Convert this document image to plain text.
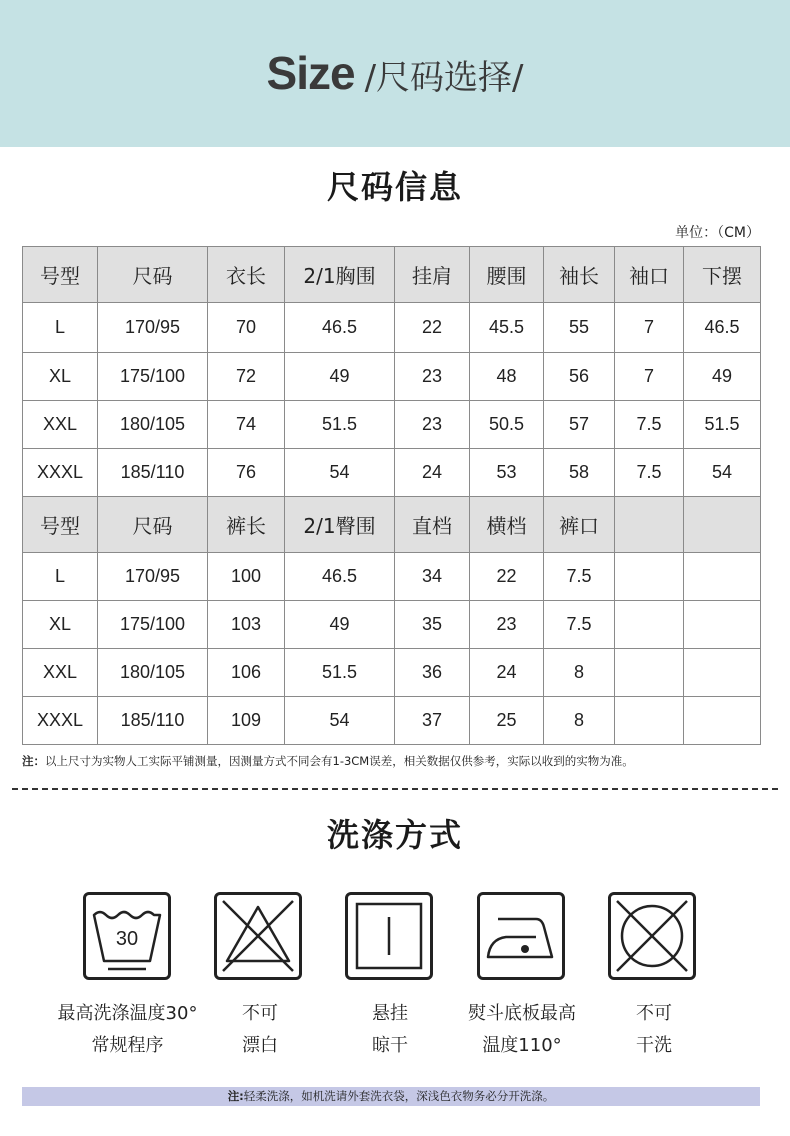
Size /尺码选择/
尺码信息
单位：（CM）
号型	尺码	衣长	2/1胸围	挂肩	腰围	袖长	袖口	下摆
L	170/95	70	46.5	22	45.5	55	7	46.5
XL	175/100	72	49	23	48	56	7	49
XXL	180/105	74	51.5	23	50.5	57	7.5	51.5
XXXL	185/110	76	54	24	53	58	7.5	54
号型	尺码	裤长	2/1臀围	直档	横档	裤口		
L	170/95	100	46.5	34	22	7.5		
XL	175/100	103	49	35	23	7.5		
XXL	180/105	106	51.5	36	24	8		
XXXL	185/110	109	54	37	25	8		
注：以上尺寸为实物人工实际平铺测量，因测量方式不同会有1-3CM误差，相关数据仅供参考，实际以收到的实物为准。
洗涤方式
30
最高洗涤温度30°
常规程序
不可
漂白
悬挂
晾干
熨斗底板最高
温度110°
不可
干洗
注:轻柔洗涤，如机洗请外套洗衣袋，深浅色衣物务必分开洗涤。
